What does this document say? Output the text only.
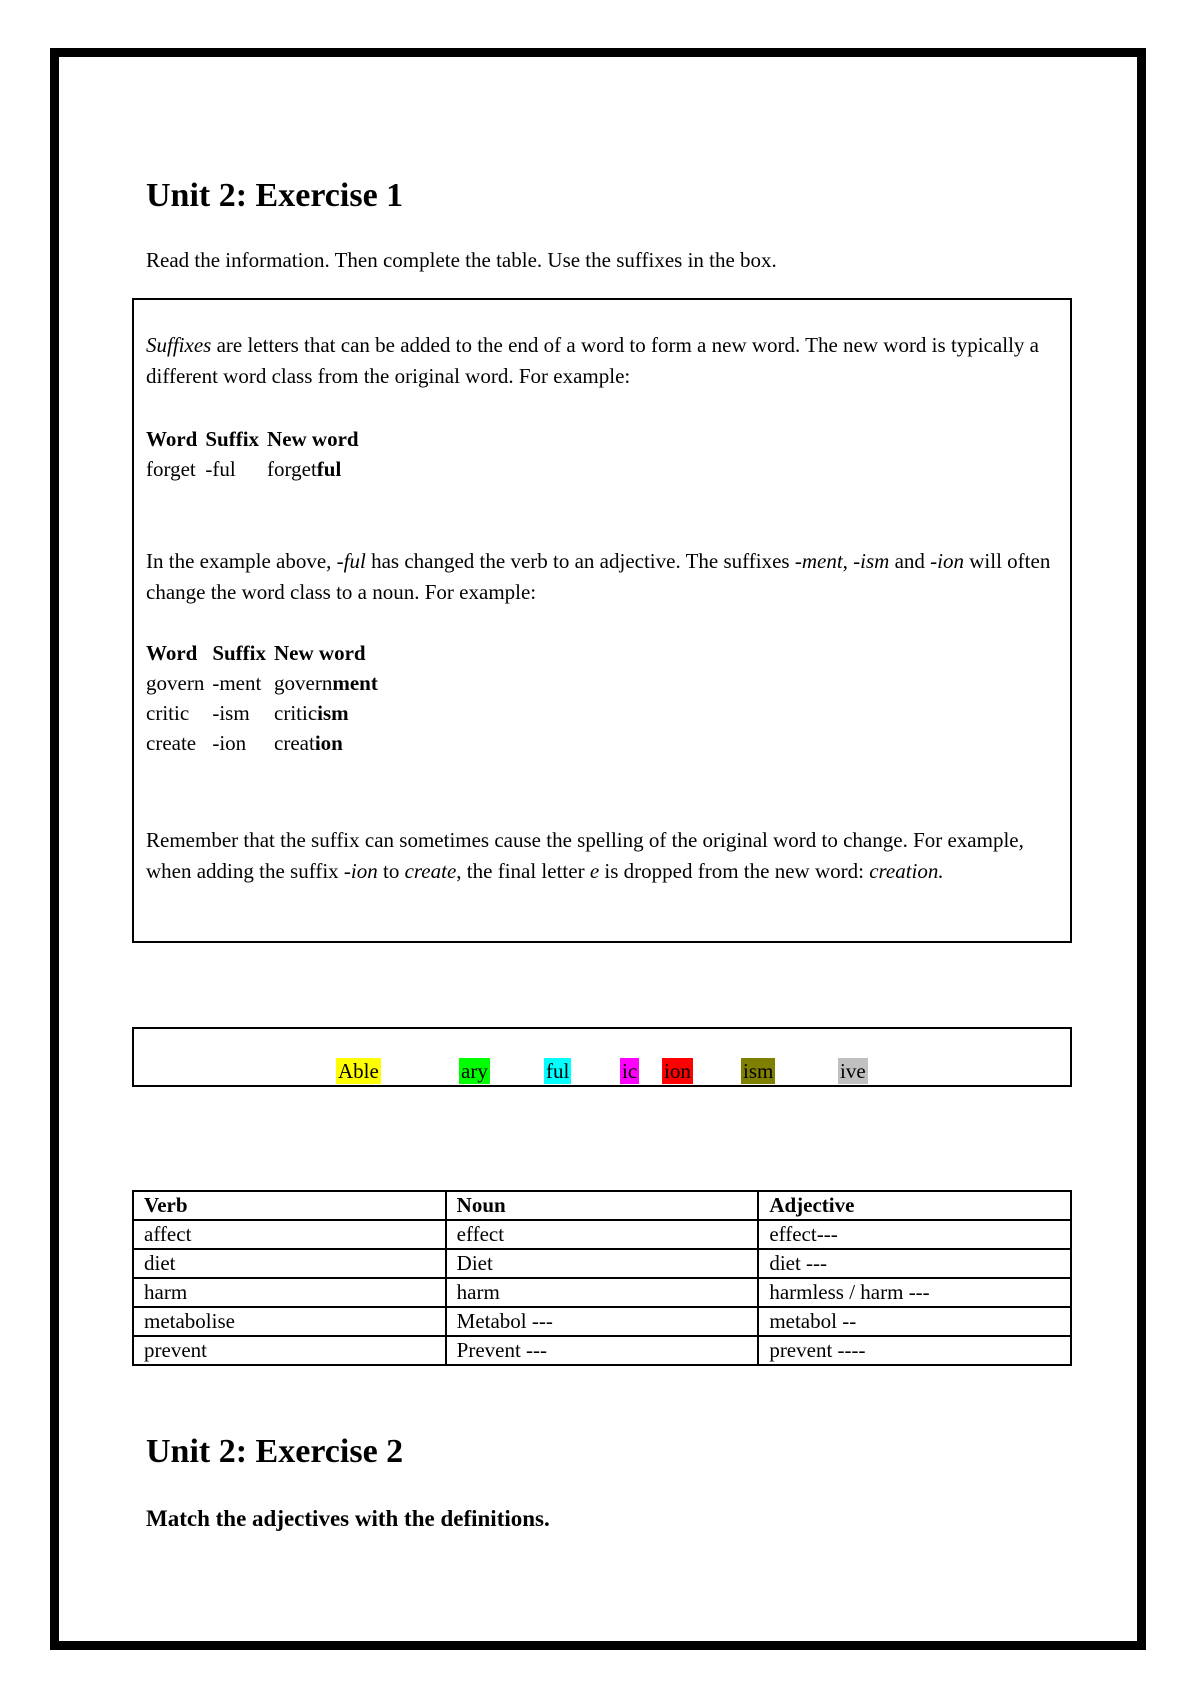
Unit 2: Exercise 1

Read the information. Then complete the table. Use the suffixes in the box.

Suffixes are letters that can be added to the end of a word to form a new word. The new word is typically a different word class from the original word. For example:

Word	Suffix	New word
forget	-ful	forgetful

In the example above, -ful has changed the verb to an adjective. The suffixes -ment, -ism and -ion will often change the word class to a noun. For example:

Word	Suffix	New word
govern	-ment	government
critic	-ism	criticism
create	-ion	creation

Remember that the suffix can sometimes cause the spelling of the original word to change. For example, when adding the suffix -ion to create, the final letter e is dropped from the new word: creation.

Able	ary	ful	ic ion ism	ive
Verb	Noun	Adjective
affect	effect	effect---
diet	Diet	diet ---
harm	harm	harmless / harm ---
metabolise	Metabol ---	metabol --
prevent	Prevent ---	prevent ----
Unit 2: Exercise 2

Match the adjectives with the definitions.
